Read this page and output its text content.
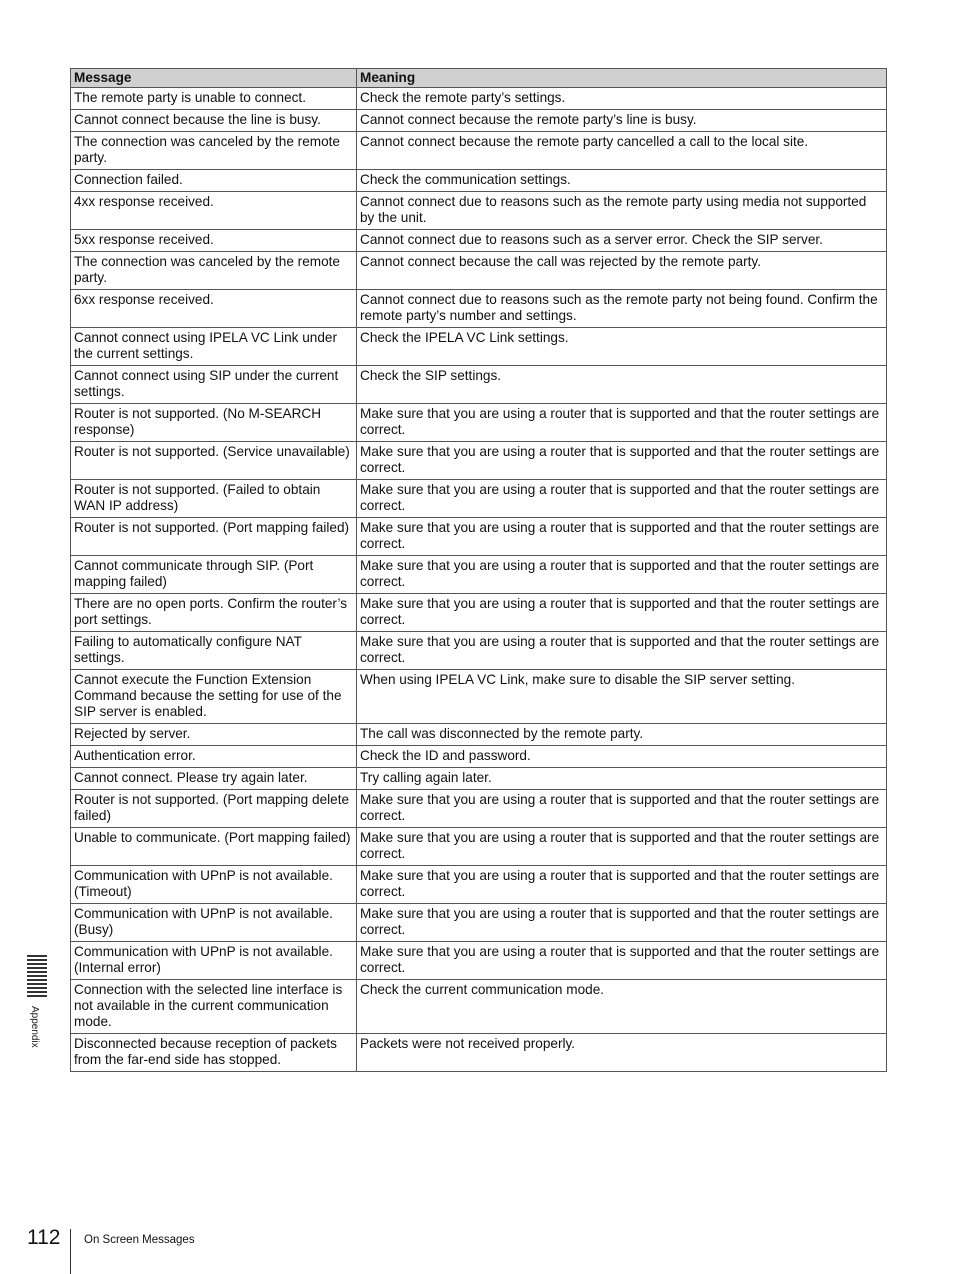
Message	Meaning
The remote party is unable to connect.	Check the remote party’s settings.
Cannot connect because the line is busy.	Cannot connect because the remote party’s line is busy.
The connection was canceled by the remote party.	Cannot connect because the remote party cancelled a call to the local site.
Connection failed.	Check the communication settings.
4xx response received.	Cannot connect due to reasons such as the remote party using media not supported by the unit.
5xx response received.	Cannot connect due to reasons such as a server error. Check the SIP server.
The connection was canceled by the remote party.	Cannot connect because the call was rejected by the remote party.
6xx response received.	Cannot connect due to reasons such as the remote party not being found. Confirm the remote party’s number and settings.
Cannot connect using IPELA VC Link under the current settings.	Check the IPELA VC Link settings.
Cannot connect using SIP under the current settings.	Check the SIP settings.
Router is not supported. (No M-SEARCH response)	Make sure that you are using a router that is supported and that the router settings are correct.
Router is not supported. (Service unavailable)	Make sure that you are using a router that is supported and that the router settings are correct.
Router is not supported. (Failed to obtain WAN IP address)	Make sure that you are using a router that is supported and that the router settings are correct.
Router is not supported. (Port mapping failed)	Make sure that you are using a router that is supported and that the router settings are correct.
Cannot communicate through SIP. (Port mapping failed)	Make sure that you are using a router that is supported and that the router settings are correct.
There are no open ports. Confirm the router’s port settings.	Make sure that you are using a router that is supported and that the router settings are correct.
Failing to automatically configure NAT settings.	Make sure that you are using a router that is supported and that the router settings are correct.
Cannot execute the Function Extension Command because the setting for use of the SIP server is enabled.	When using IPELA VC Link, make sure to disable the SIP server setting.
Rejected by server.	The call was disconnected by the remote party.
Authentication error.	Check the ID and password.
Cannot connect. Please try again later.	Try calling again later.
Router is not supported. (Port mapping delete failed)	Make sure that you are using a router that is supported and that the router settings are correct.
Unable to communicate. (Port mapping failed)	Make sure that you are using a router that is supported and that the router settings are correct.
Communication with UPnP is not available. (Timeout)	Make sure that you are using a router that is supported and that the router settings are correct.
Communication with UPnP is not available. (Busy)	Make sure that you are using a router that is supported and that the router settings are correct.
Communication with UPnP is not available. (Internal error)	Make sure that you are using a router that is supported and that the router settings are correct.
Connection with the selected line interface is not available in the current communication mode.	Check the current communication mode.
Disconnected because reception of packets from the far-end side has stopped.	Packets were not received properly.
Appendix
112 On Screen Messages
